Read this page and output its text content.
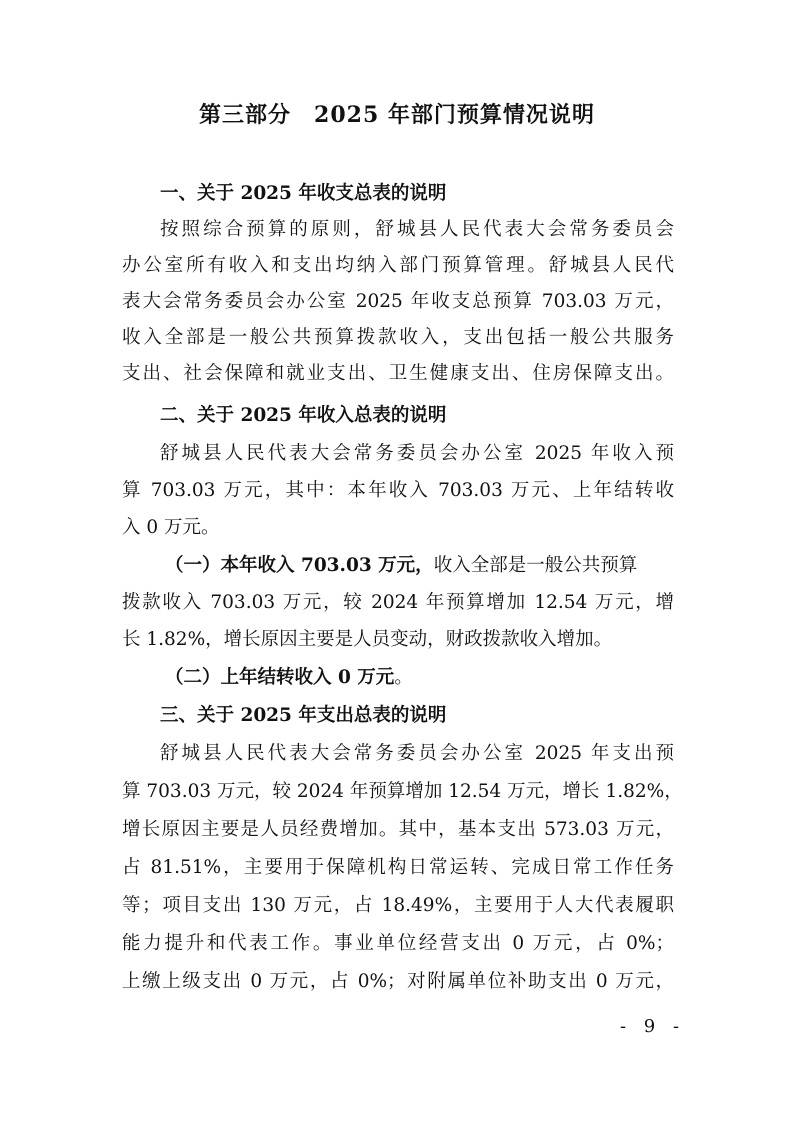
第三部分　2025 年部门预算情况说明

一、关于 2025 年收支总表的说明

按照综合预算的原则，舒城县人民代表大会常务委员会

办公室所有收入和支出均纳入部门预算管理。舒城县人民代

表大会常务委员会办公室 2025 年收支总预算 703.03 万元，

收入全部是一般公共预算拨款收入，支出包括一般公共服务

支出、社会保障和就业支出、卫生健康支出、住房保障支出。

二、关于 2025 年收入总表的说明

舒城县人民代表大会常务委员会办公室 2025 年收入预

算 703.03 万元，其中：本年收入 703.03 万元、上年结转收

入 0 万元。

（一）本年收入 703.03 万元，收入全部是一般公共预算

拨款收入 703.03 万元，较 2024 年预算增加 12.54 万元，增

长 1.82%，增长原因主要是人员变动，财政拨款收入增加。

（二）上年结转收入 0 万元。

三、关于 2025 年支出总表的说明

舒城县人民代表大会常务委员会办公室 2025 年支出预

算 703.03 万元，较 2024 年预算增加 12.54 万元，增长 1.82%，

增长原因主要是人员经费增加。其中，基本支出 573.03 万元，

占 81.51%，主要用于保障机构日常运转、完成日常工作任务

等；项目支出 130 万元，占 18.49%，主要用于人大代表履职

能力提升和代表工作。事业单位经营支出 0 万元，占 0%；

上缴上级支出 0 万元，占 0%；对附属单位补助支出 0 万元，

- 9 -
